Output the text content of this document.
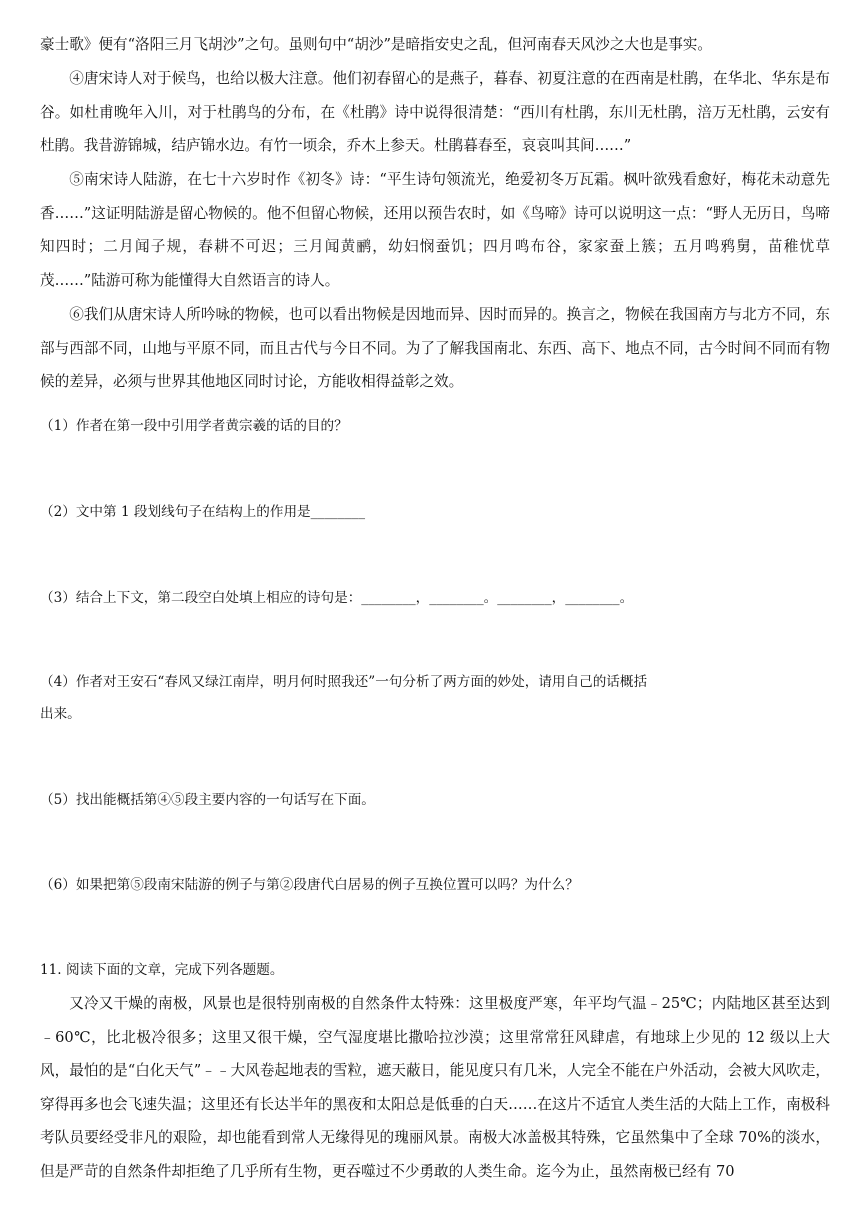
豪士歌》便有“洛阳三月飞胡沙”之句。虽则句中“胡沙”是暗指安史之乱，但河南春天风沙之大也是事实。

④唐宋诗人对于候鸟，也给以极大注意。他们初春留心的是燕子，暮春、初夏注意的在西南是杜鹃，在华北、华东是布谷。如杜甫晚年入川，对于杜鹃鸟的分布，在《杜鹃》诗中说得很清楚：“西川有杜鹃，东川无杜鹃，涪万无杜鹃，云安有杜鹃。我昔游锦城，结庐锦水边。有竹一顷余，乔木上参天。杜鹃暮春至，哀哀叫其间……”

⑤南宋诗人陆游，在七十六岁时作《初冬》诗：“平生诗句领流光，绝爱初冬万瓦霜。枫叶欲残看愈好，梅花未动意先香……”这证明陆游是留心物候的。他不但留心物候，还用以预告农时，如《鸟啼》诗可以说明这一点：“野人无历日，鸟啼知四时；二月闻子规，春耕不可迟；三月闻黄鹂，幼妇悯蚕饥；四月鸣布谷，家家蚕上簇；五月鸣鸦舅，苗稚忧草茂……”陆游可称为能懂得大自然语言的诗人。

⑥我们从唐宋诗人所吟咏的物候，也可以看出物候是因地而异、因时而异的。换言之，物候在我国南方与北方不同，东部与西部不同，山地与平原不同，而且古代与今日不同。为了了解我国南北、东西、高下、地点不同，古今时间不同而有物候的差异，必须与世界其他地区同时讨论，方能收相得益彰之效。

（1）作者在第一段中引用学者黄宗羲的话的目的？

（2）文中第 1 段划线句子在结构上的作用是________

（3）结合上下文，第二段空白处填上相应的诗句是：________，________。________，________。

（4）作者对王安石“春风又绿江南岸，明月何时照我还”一句分析了两方面的妙处，请用自己的话概括

出来。

（5）找出能概括第④⑤段主要内容的一句话写在下面。

（6）如果把第⑤段南宋陆游的例子与第②段唐代白居易的例子互换位置可以吗？为什么？

11. 阅读下面的文章，完成下列各题题。

又冷又干燥的南极，风景也是很特别南极的自然条件太特殊：这里极度严寒，年平均气温﹣25℃；内陆地区甚至达到﹣60℃，比北极冷很多；这里又很干燥，空气湿度堪比撒哈拉沙漠；这里常常狂风肆虐，有地球上少见的 12 级以上大风，最怕的是“白化天气”﹣﹣大风卷起地表的雪粒，遮天蔽日，能见度只有几米，人完全不能在户外活动，会被大风吹走，穿得再多也会飞速失温；这里还有长达半年的黑夜和太阳总是低垂的白天……在这片不适宜人类生活的大陆上工作，南极科考队员要经受非凡的艰险，却也能看到常人无缘得见的瑰丽风景。南极大冰盖极其特殊，它虽然集中了全球 70%的淡水，但是严苛的自然条件却拒绝了几乎所有生物，更吞噬过不少勇敢的人类生命。迄今为止，虽然南极已经有 70
